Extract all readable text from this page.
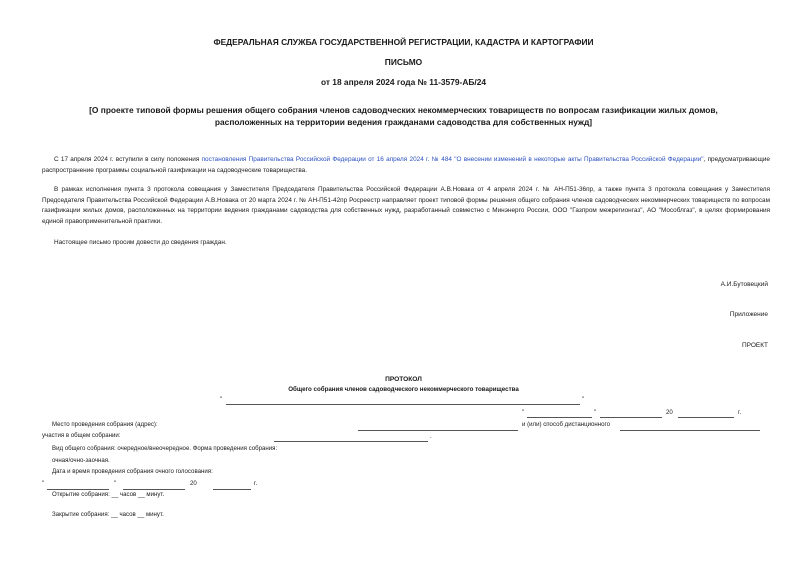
ФЕДЕРАЛЬНАЯ СЛУЖБА ГОСУДАРСТВЕННОЙ РЕГИСТРАЦИИ, КАДАСТРА И КАРТОГРАФИИ
ПИСЬМО
от 18 апреля 2024 года № 11-3579-АБ/24
[О проекте типовой формы решения общего собрания членов садоводческих некоммерческих товариществ по вопросам газификации жилых домов,
расположенных на территории ведения гражданами садоводства для собственных нужд]
С 17 апреля 2024 г. вступили в силу положения постановления Правительства Российской Федерации от 16 апреля 2024 г. № 484 "О внесении изменений в некоторые акты Правительства Российской Федерации", предусматривающие распространение программы социальной газификации на садоводческие товарищества.
В рамках исполнения пункта 3 протокола совещания у Заместителя Председателя Правительства Российской Федерации А.В.Новака от 4 апреля 2024 г. № АН-П51-36пр, а также пункта 3 протокола совещания у Заместителя Председателя Правительства Российской Федерации А.В.Новака от 20 марта 2024 г. № АН-П51-42пр Росреестр направляет проект типовой формы решения общего собрания членов садоводческих некоммерческих товариществ по вопросам газификации жилых домов, расположенных на территории ведения гражданами садоводства для собственных нужд, разработанный совместно с Минэнерго России, ООО "Газпром межрегионгаз", АО "Мособлгаз", в целях формирования единой правоприменительной практики.
Настоящее письмо просим довести до сведения граждан.
А.И.Бутовецкий
Приложение
ПРОЕКТ
ПРОТОКОЛ
Общего собрания членов садоводческого некоммерческого товарищества
"	"
"	"	20	г.
Место проведения собрания (адрес):	и (или) способ дистанционного
участия в общем собрании:	.
Вид общего собрания: очередное/внеочередное. Форма проведения собрания:
очная/очно-заочная.
Дата и время проведения собрания очного голосования:
"	"	20	г.
Открытие собрания: __ часов __ минут.
Закрытие собрания: __ часов __ минут.
